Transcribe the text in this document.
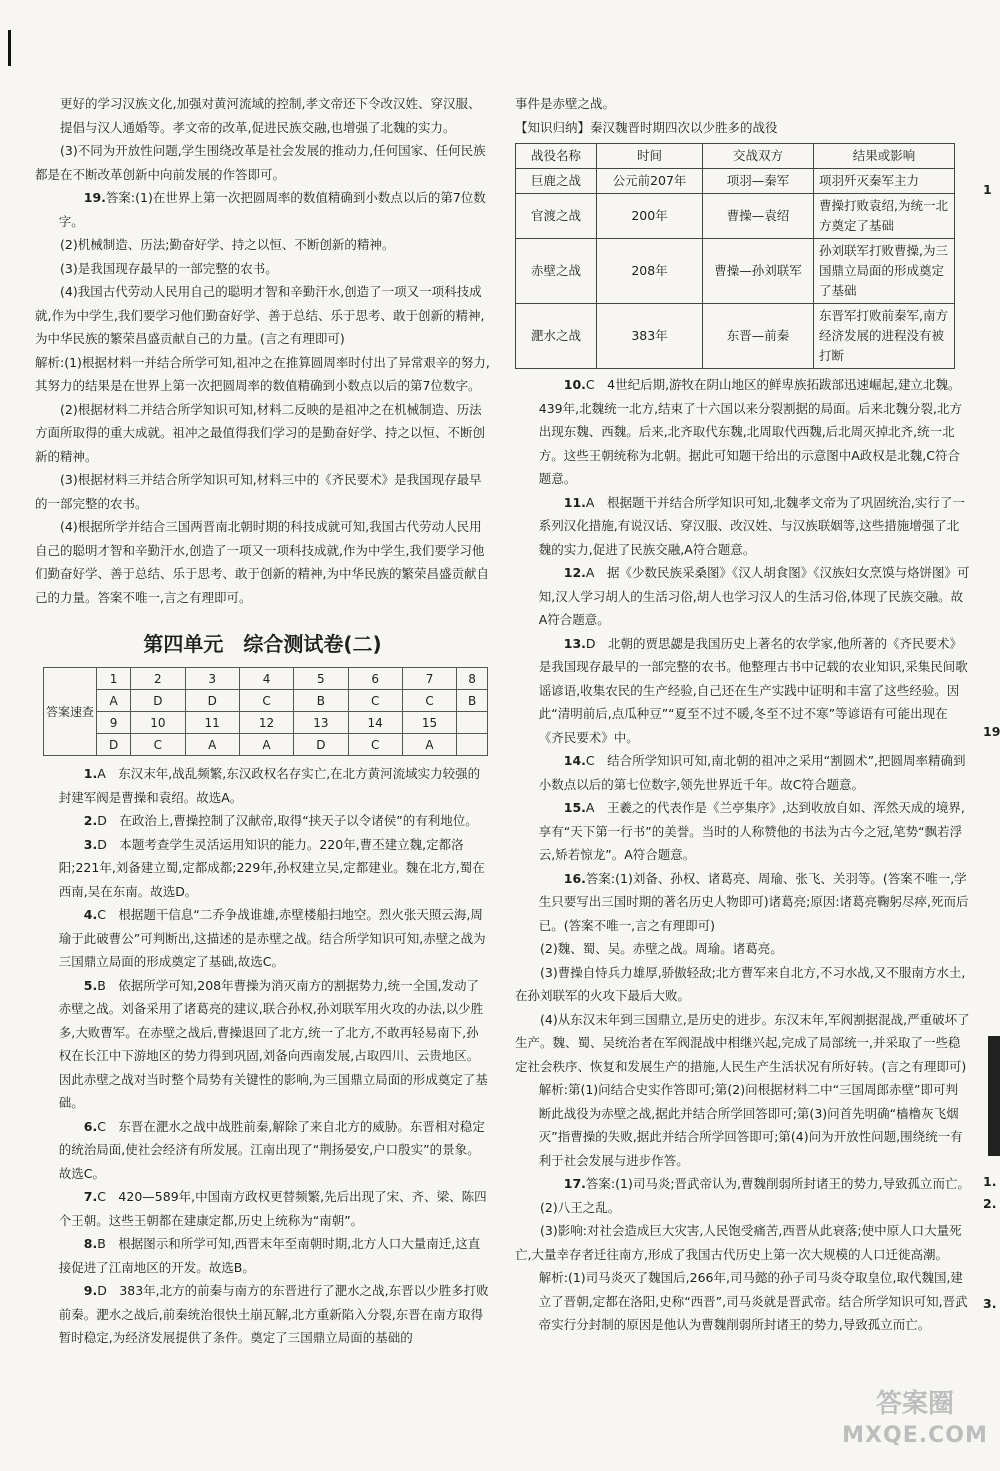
更好的学习汉族文化,加强对黄河流域的控制,孝文帝还下令改汉姓、穿汉服、提倡与汉人通婚等。孝文帝的改革,促进民族交融,也增强了北魏的实力。

(3)不同为开放性问题,学生围绕改革是社会发展的推动力,任何国家、任何民族都是在不断改革创新中向前发展的作答即可。

19.答案:(1)在世界上第一次把圆周率的数值精确到小数点以后的第7位数字。

(2)机械制造、历法;勤奋好学、持之以恒、不断创新的精神。

(3)是我国现存最早的一部完整的农书。

(4)我国古代劳动人民用自己的聪明才智和辛勤汗水,创造了一项又一项科技成就,作为中学生,我们要学习他们勤奋好学、善于总结、乐于思考、敢于创新的精神,为中华民族的繁荣昌盛贡献自己的力量。(言之有理即可)

解析:(1)根据材料一并结合所学可知,祖冲之在推算圆周率时付出了异常艰辛的努力,其努力的结果是在世界上第一次把圆周率的数值精确到小数点以后的第7位数字。

(2)根据材料二并结合所学知识可知,材料二反映的是祖冲之在机械制造、历法方面所取得的重大成就。祖冲之最值得我们学习的是勤奋好学、持之以恒、不断创新的精神。

(3)根据材料三并结合所学知识可知,材料三中的《齐民要术》是我国现存最早的一部完整的农书。

(4)根据所学并结合三国两晋南北朝时期的科技成就可知,我国古代劳动人民用自己的聪明才智和辛勤汗水,创造了一项又一项科技成就,作为中学生,我们要学习他们勤奋好学、善于总结、乐于思考、敢于创新的精神,为中华民族的繁荣昌盛贡献自己的力量。答案不唯一,言之有理即可。

第四单元　综合测试卷(二)
答案速查	1	2	3	4	5	6	7	8
	A	D	D	C	B	C	C	B
	9	10	11	12	13	14	15	
	D	C	A	A	D	C	A	

1.A　东汉末年,战乱频繁,东汉政权名存实亡,在北方黄河流域实力较强的封建军阀是曹操和袁绍。故选A。

2.D　在政治上,曹操控制了汉献帝,取得“挟天子以令诸侯”的有利地位。

3.D　本题考查学生灵活运用知识的能力。220年,曹丕建立魏,定都洛阳;221年,刘备建立蜀,定都成都;229年,孙权建立吴,定都建业。魏在北方,蜀在西南,吴在东南。故选D。

4.C　根据题干信息“二乔争战谁雄,赤壁楼船扫地空。烈火张天照云海,周瑜于此破曹公”可判断出,这描述的是赤壁之战。结合所学知识可知,赤壁之战为三国鼎立局面的形成奠定了基础,故选C。

5.B　依据所学可知,208年曹操为消灭南方的割据势力,统一全国,发动了赤壁之战。刘备采用了诸葛亮的建议,联合孙权,孙刘联军用火攻的办法,以少胜多,大败曹军。在赤壁之战后,曹操退回了北方,统一了北方,不敢再轻易南下,孙权在长江中下游地区的势力得到巩固,刘备向西南发展,占取四川、云贵地区。因此赤壁之战对当时整个局势有关键性的影响,为三国鼎立局面的形成奠定了基础。

6.C　东晋在淝水之战中战胜前秦,解除了来自北方的威胁。东晋相对稳定的统治局面,使社会经济有所发展。江南出现了“荆扬晏安,户口殷实”的景象。故选C。

7.C　420—589年,中国南方政权更替频繁,先后出现了宋、齐、梁、陈四个王朝。这些王朝都在建康定都,历史上统称为“南朝”。

8.B　根据图示和所学可知,西晋末年至南朝时期,北方人口大量南迁,这直接促进了江南地区的开发。故选B。

9.D　383年,北方的前秦与南方的东晋进行了淝水之战,东晋以少胜多打败前秦。淝水之战后,前秦统治很快土崩瓦解,北方重新陷入分裂,东晋在南方取得暂时稳定,为经济发展提供了条件。奠定了三国鼎立局面的基础的

事件是赤壁之战。

【知识归纳】秦汉魏晋时期四次以少胜多的战役

战役名称	时间	交战双方	结果或影响
巨鹿之战	公元前207年	项羽—秦军	项羽歼灭秦军主力
官渡之战	200年	曹操—袁绍	曹操打败袁绍,为统一北方奠定了基础
赤壁之战	208年	曹操—孙刘联军	孙刘联军打败曹操,为三国鼎立局面的形成奠定了基础
淝水之战	383年	东晋—前秦	东晋军打败前秦军,南方经济发展的进程没有被打断

10.C　4世纪后期,游牧在阴山地区的鲜卑族拓跋部迅速崛起,建立北魏。439年,北魏统一北方,结束了十六国以来分裂割据的局面。后来北魏分裂,北方出现东魏、西魏。后来,北齐取代东魏,北周取代西魏,后北周灭掉北齐,统一北方。这些王朝统称为北朝。据此可知题干给出的示意图中A政权是北魏,C符合题意。

11.A　根据题干并结合所学知识可知,北魏孝文帝为了巩固统治,实行了一系列汉化措施,有说汉话、穿汉服、改汉姓、与汉族联姻等,这些措施增强了北魏的实力,促进了民族交融,A符合题意。

12.A　据《少数民族采桑图》《汉人胡食图》《汉族妇女烹馍与烙饼图》可知,汉人学习胡人的生活习俗,胡人也学习汉人的生活习俗,体现了民族交融。故A符合题意。

13.D　北朝的贾思勰是我国历史上著名的农学家,他所著的《齐民要术》是我国现存最早的一部完整的农书。他整理古书中记载的农业知识,采集民间歌谣谚语,收集农民的生产经验,自己还在生产实践中证明和丰富了这些经验。因此“清明前后,点瓜种豆”“夏至不过不暖,冬至不过不寒”等谚语有可能出现在《齐民要术》中。

14.C　结合所学知识可知,南北朝的祖冲之采用“割圆术”,把圆周率精确到小数点以后的第七位数字,领先世界近千年。故C符合题意。

15.A　王羲之的代表作是《兰亭集序》,达到收放自如、浑然天成的境界,享有“天下第一行书”的美誉。当时的人称赞他的书法为古今之冠,笔势“飘若浮云,矫若惊龙”。A符合题意。

16.答案:(1)刘备、孙权、诸葛亮、周瑜、张飞、关羽等。(答案不唯一,学生只要写出三国时期的著名历史人物即可)诸葛亮;原因:诸葛亮鞠躬尽瘁,死而后已。(答案不唯一,言之有理即可)

(2)魏、蜀、吴。赤壁之战。周瑜。诸葛亮。

(3)曹操自恃兵力雄厚,骄傲轻敌;北方曹军来自北方,不习水战,又不服南方水土,在孙刘联军的火攻下最后大败。

(4)从东汉末年到三国鼎立,是历史的进步。东汉末年,军阀割据混战,严重破坏了生产。魏、蜀、吴统治者在军阀混战中相继兴起,完成了局部统一,并采取了一些稳定社会秩序、恢复和发展生产的措施,人民生产生活状况有所好转。(言之有理即可)

解析:第(1)问结合史实作答即可;第(2)问根据材料二中“三国周郎赤壁”即可判断此战役为赤壁之战,据此并结合所学回答即可;第(3)问首先明确“樯橹灰飞烟灭”指曹操的失败,据此并结合所学回答即可;第(4)问为开放性问题,围绕统一有利于社会发展与进步作答。

17.答案:(1)司马炎;晋武帝认为,曹魏削弱所封诸王的势力,导致孤立而亡。

(2)八王之乱。

(3)影响:对社会造成巨大灾害,人民饱受痛苦,西晋从此衰落;使中原人口大量死亡,大量幸存者迁往南方,形成了我国古代历史上第一次大规模的人口迁徙高潮。

解析:(1)司马炎灭了魏国后,266年,司马懿的孙子司马炎夺取皇位,取代魏国,建立了晋朝,定都在洛阳,史称“西晋”,司马炎就是晋武帝。结合所学知识可知,晋武帝实行分封制的原因是他认为曹魏削弱所封诸王的势力,导致孤立而亡。

1
19
1.
2.
3.
答案圈
MXQE.COM
